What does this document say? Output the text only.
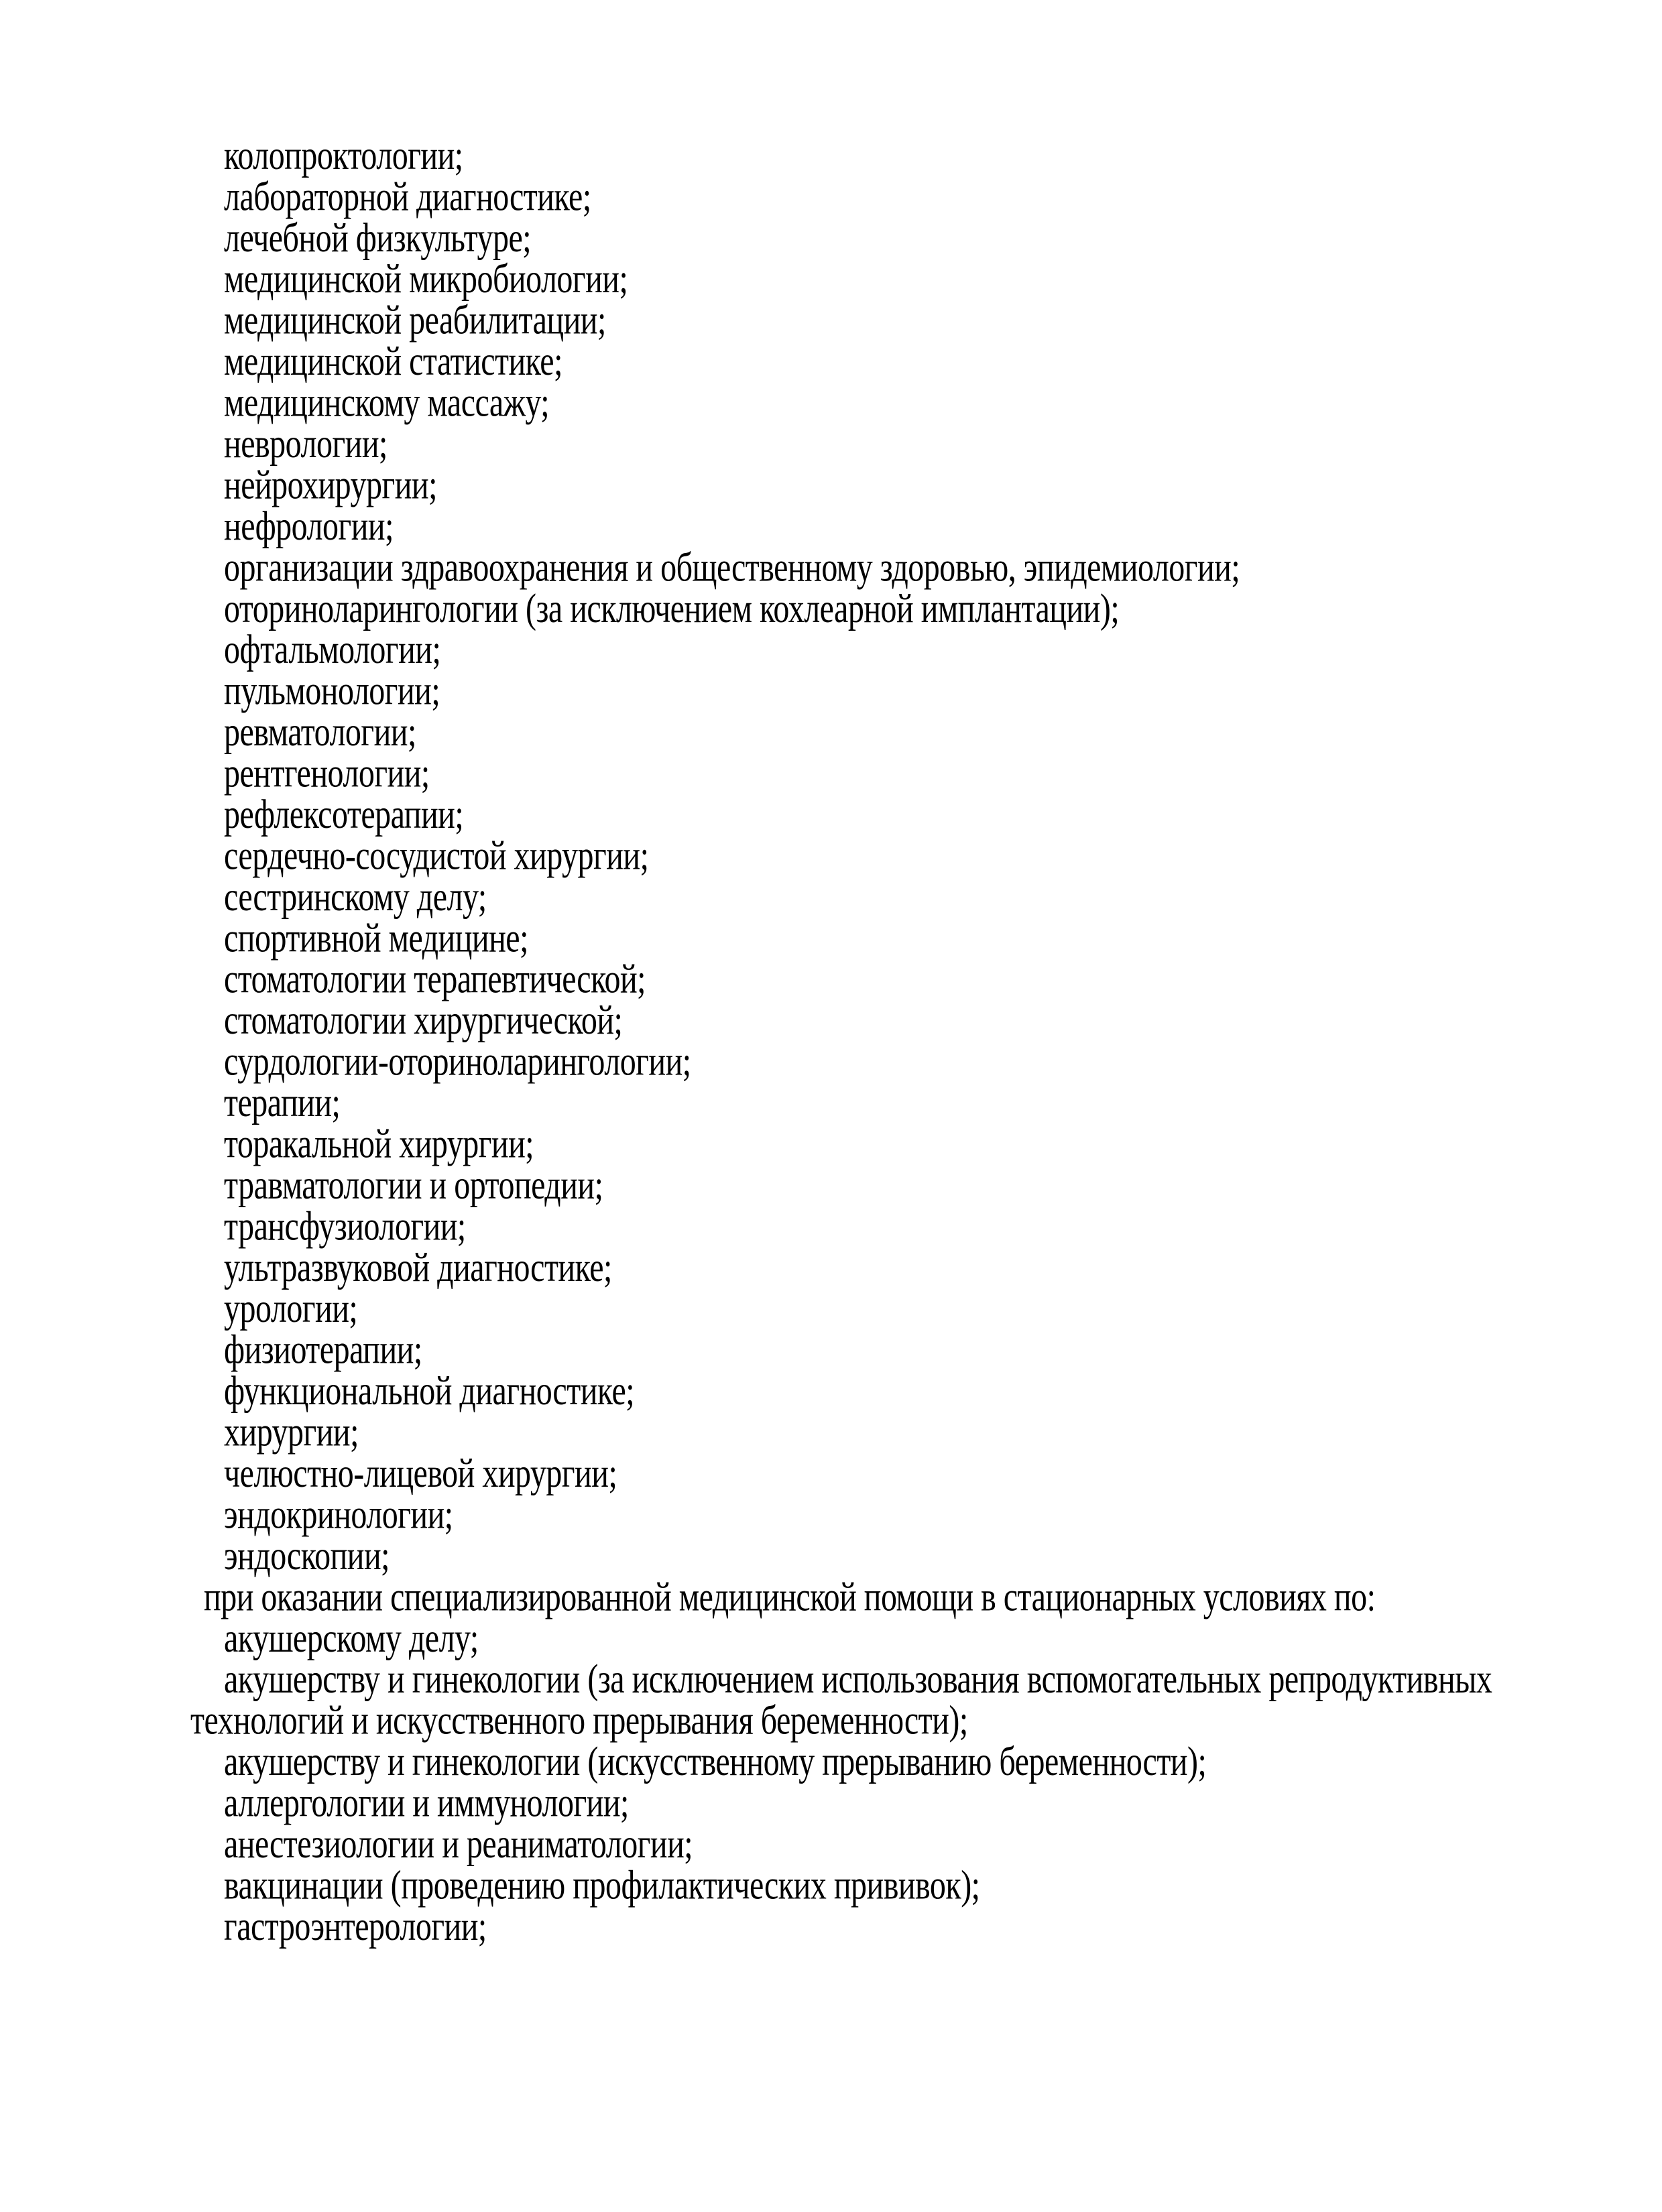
колопроктологии;
лабораторной диагностике;
лечебной физкультуре;
медицинской микробиологии;
медицинской реабилитации;
медицинской статистике;
медицинскому массажу;
неврологии;
нейрохирургии;
нефрологии;
организации здравоохранения и общественному здоровью, эпидемиологии;
оториноларингологии (за исключением кохлеарной имплантации);
офтальмологии;
пульмонологии;
ревматологии;
рентгенологии;
рефлексотерапии;
сердечно-сосудистой хирургии;
сестринскому делу;
спортивной медицине;
стоматологии терапевтической;
стоматологии хирургической;
сурдологии-оториноларингологии;
терапии;
торакальной хирургии;
травматологии и ортопедии;
трансфузиологии;
ультразвуковой диагностике;
урологии;
физиотерапии;
функциональной диагностике;
хирургии;
челюстно-лицевой хирургии;
эндокринологии;
эндоскопии;
при оказании специализированной медицинской помощи в стационарных условиях по:
акушерскому делу;
акушерству и гинекологии (за исключением использования вспомогательных репродуктивных
технологий и искусственного прерывания беременности);
акушерству и гинекологии (искусственному прерыванию беременности);
аллергологии и иммунологии;
анестезиологии и реаниматологии;
вакцинации (проведению профилактических прививок);
гастроэнтерологии;
